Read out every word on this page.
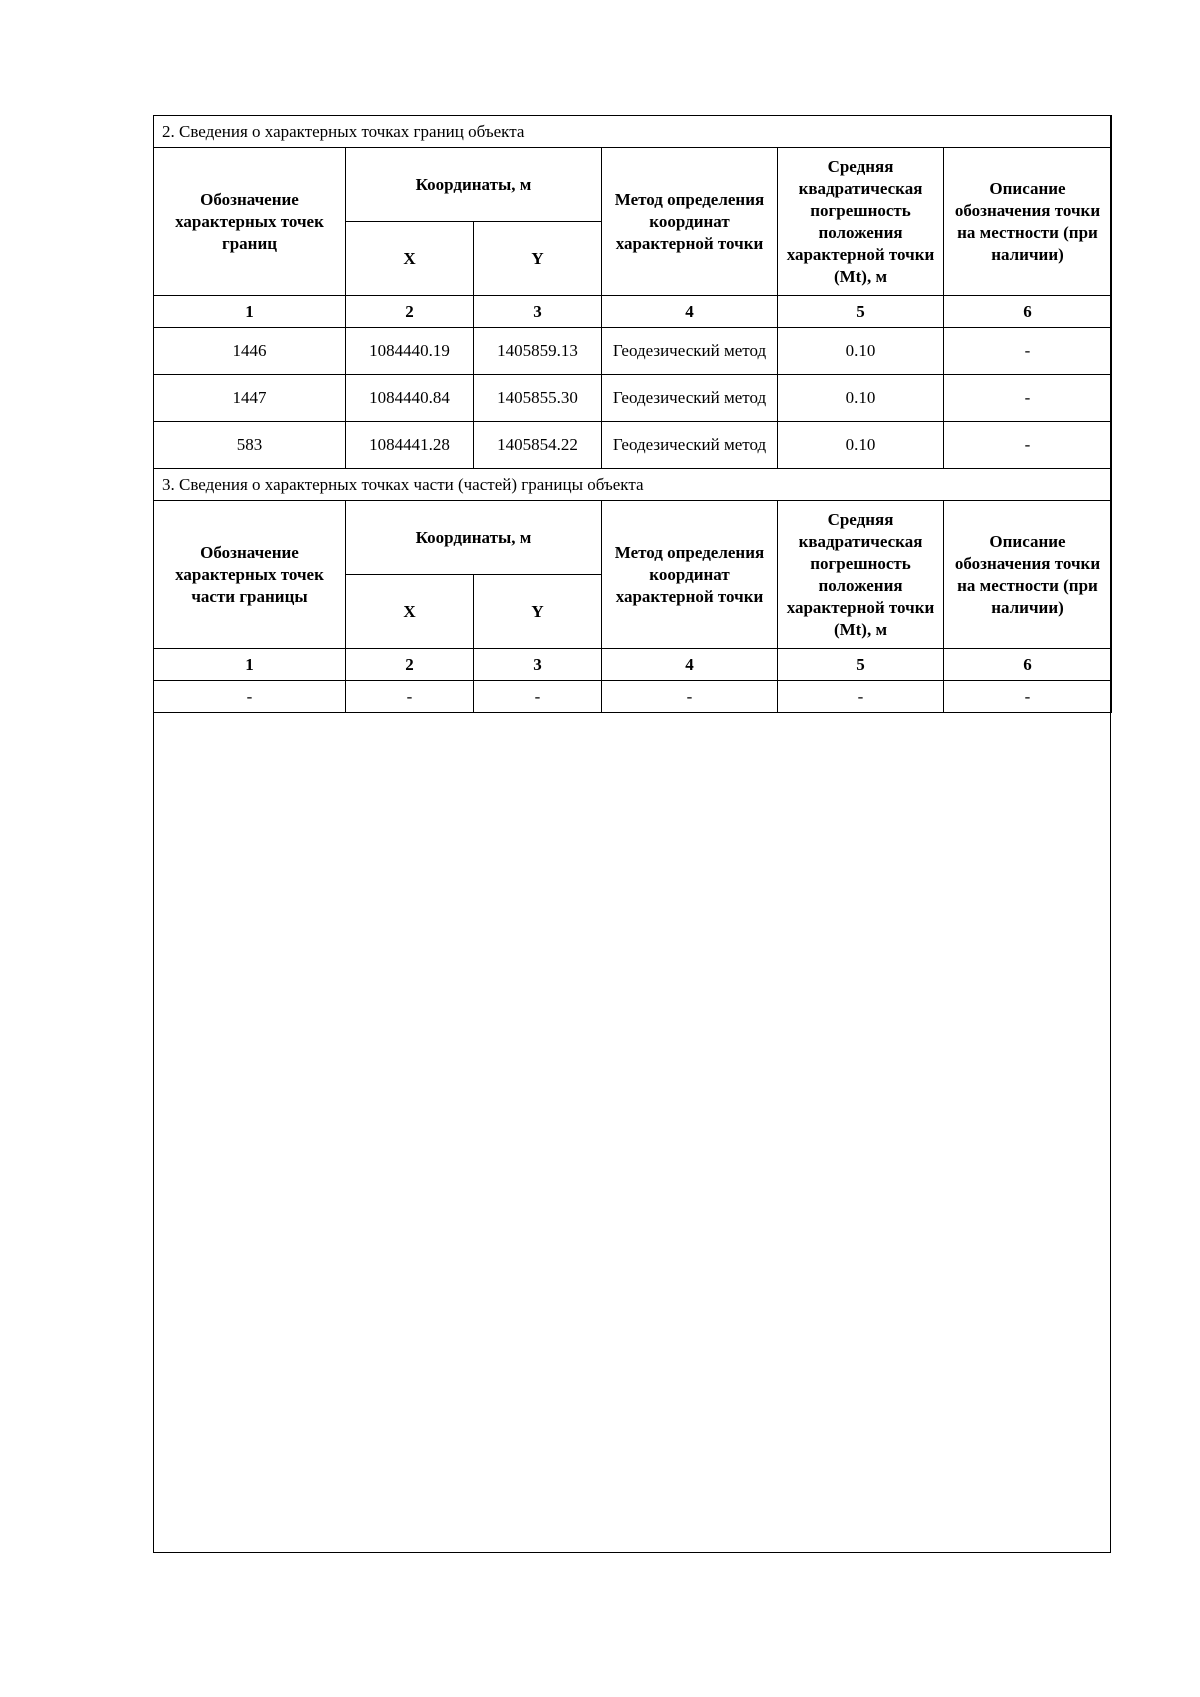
2. Сведения о характерных точках границ объекта					
Обозначение характерных точек границ	Координаты, м		Метод определения координат характерной точки	Средняя квадратическая погрешность положения характерной точки (Mt), м	Описание обозначения точки на местности (при наличии)
	X	Y			
1	2	3	4	5	6
1446	1084440.19	1405859.13	Геодезический метод	0.10	-
1447	1084440.84	1405855.30	Геодезический метод	0.10	-
583	1084441.28	1405854.22	Геодезический метод	0.10	-
3. Сведения о характерных точках части (частей) границы объекта					
Обозначение характерных точек части границы	Координаты, м		Метод определения координат характерной точки	Средняя квадратическая погрешность положения характерной точки (Mt), м	Описание обозначения точки на местности (при наличии)
	X	Y			
1	2	3	4	5	6
-	-	-	-	-	-
